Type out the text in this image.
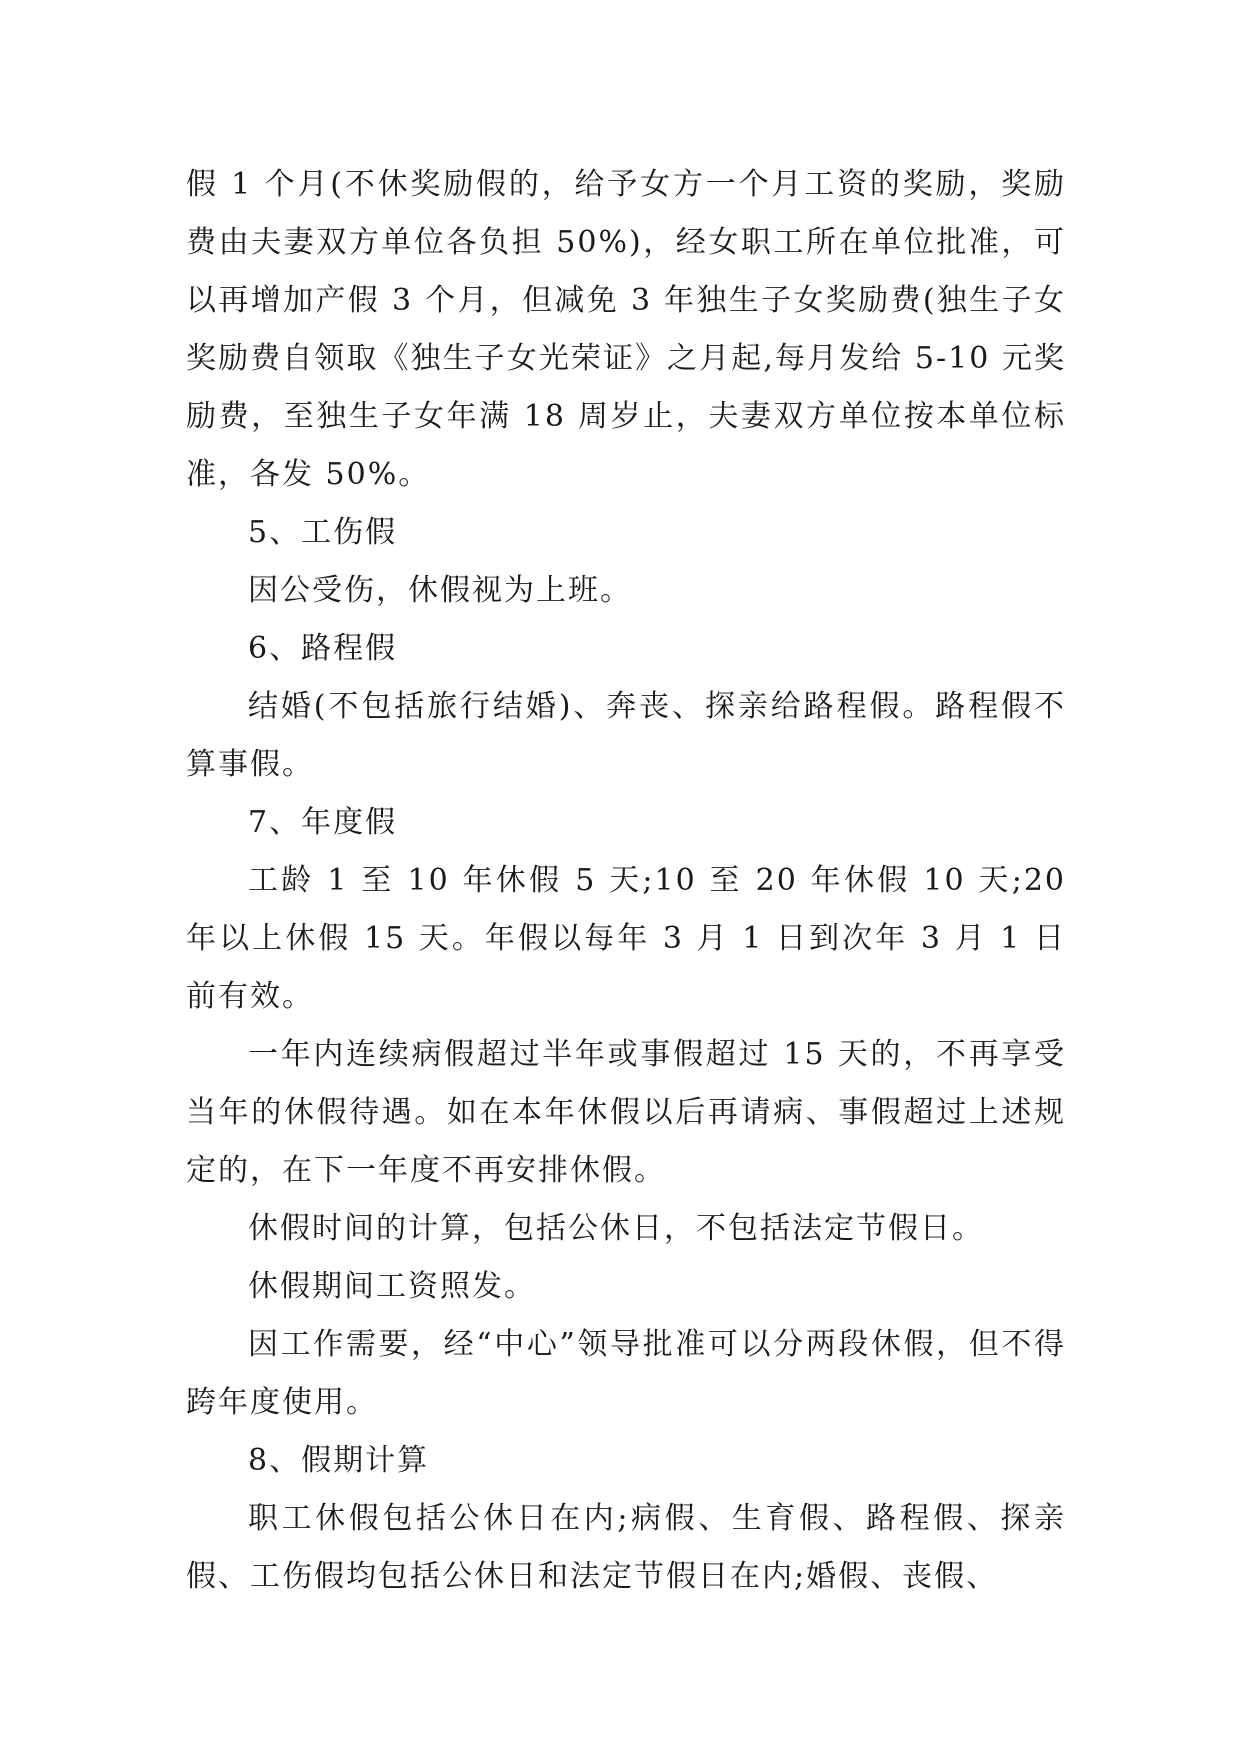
假 1 个月(不休奖励假的，给予女方一个月工资的奖励，奖励费由夫妻双方单位各负担 50%)，经女职工所在单位批准，可以再增加产假 3 个月，但减免 3 年独生子女奖励费(独生子女奖励费自领取《独生子女光荣证》之月起,每月发给 5-10 元奖励费，至独生子女年满 18 周岁止，夫妻双方单位按本单位标准，各发 50%。

5、工伤假

因公受伤，休假视为上班。

6、路程假

结婚(不包括旅行结婚)、奔丧、探亲给路程假。路程假不算事假。

7、年度假

工龄 1 至 10 年休假 5 天;10 至 20 年休假 10 天;20 年以上休假 15 天。年假以每年 3 月 1 日到次年 3 月 1 日前有效。

一年内连续病假超过半年或事假超过 15 天的，不再享受当年的休假待遇。如在本年休假以后再请病、事假超过上述规定的，在下一年度不再安排休假。

休假时间的计算，包括公休日，不包括法定节假日。

休假期间工资照发。

因工作需要，经“中心”领导批准可以分两段休假，但不得跨年度使用。

8、假期计算

职工休假包括公休日在内;病假、生育假、路程假、探亲假、工伤假均包括公休日和法定节假日在内;婚假、丧假、
